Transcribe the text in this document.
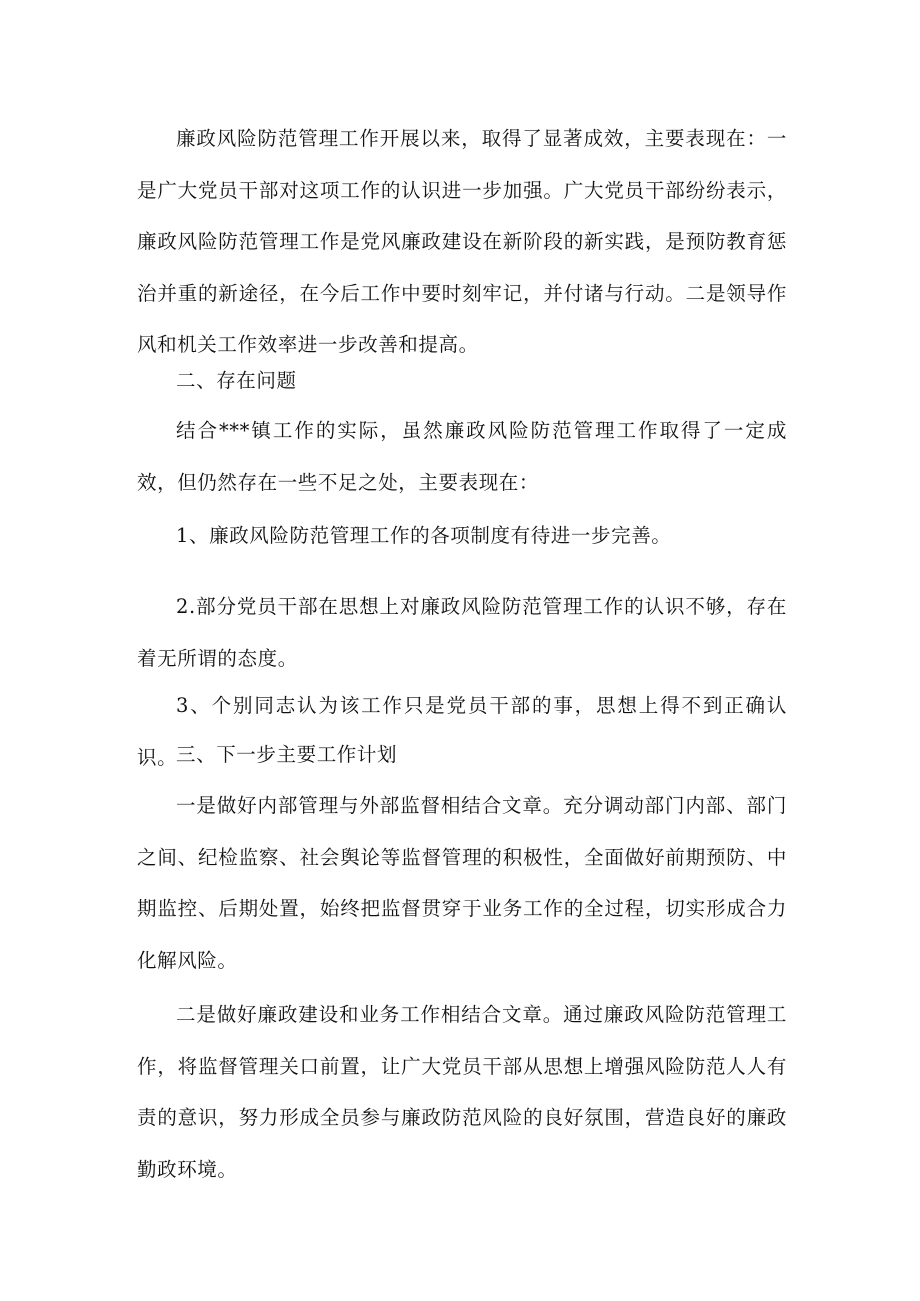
廉政风险防范管理工作开展以来，取得了显著成效，主要表现在：一是广大党员干部对这项工作的认识进一步加强。广大党员干部纷纷表示，廉政风险防范管理工作是党风廉政建设在新阶段的新实践，是预防教育惩治并重的新途径，在今后工作中要时刻牢记，并付诸与行动。二是领导作风和机关工作效率进一步改善和提高。

二、存在问题

结合***镇工作的实际，虽然廉政风险防范管理工作取得了一定成效，但仍然存在一些不足之处，主要表现在：

1、廉政风险防范管理工作的各项制度有待进一步完善。

2.部分党员干部在思想上对廉政风险防范管理工作的认识不够，存在着无所谓的态度。

3、个别同志认为该工作只是党员干部的事，思想上得不到正确认识。

三、下一步主要工作计划

一是做好内部管理与外部监督相结合文章。充分调动部门内部、部门之间、纪检监察、社会舆论等监督管理的积极性，全面做好前期预防、中期监控、后期处置，始终把监督贯穿于业务工作的全过程，切实形成合力化解风险。

二是做好廉政建设和业务工作相结合文章。通过廉政风险防范管理工作，将监督管理关口前置，让广大党员干部从思想上增强风险防范人人有责的意识，努力形成全员参与廉政防范风险的良好氛围，营造良好的廉政勤政环境。
